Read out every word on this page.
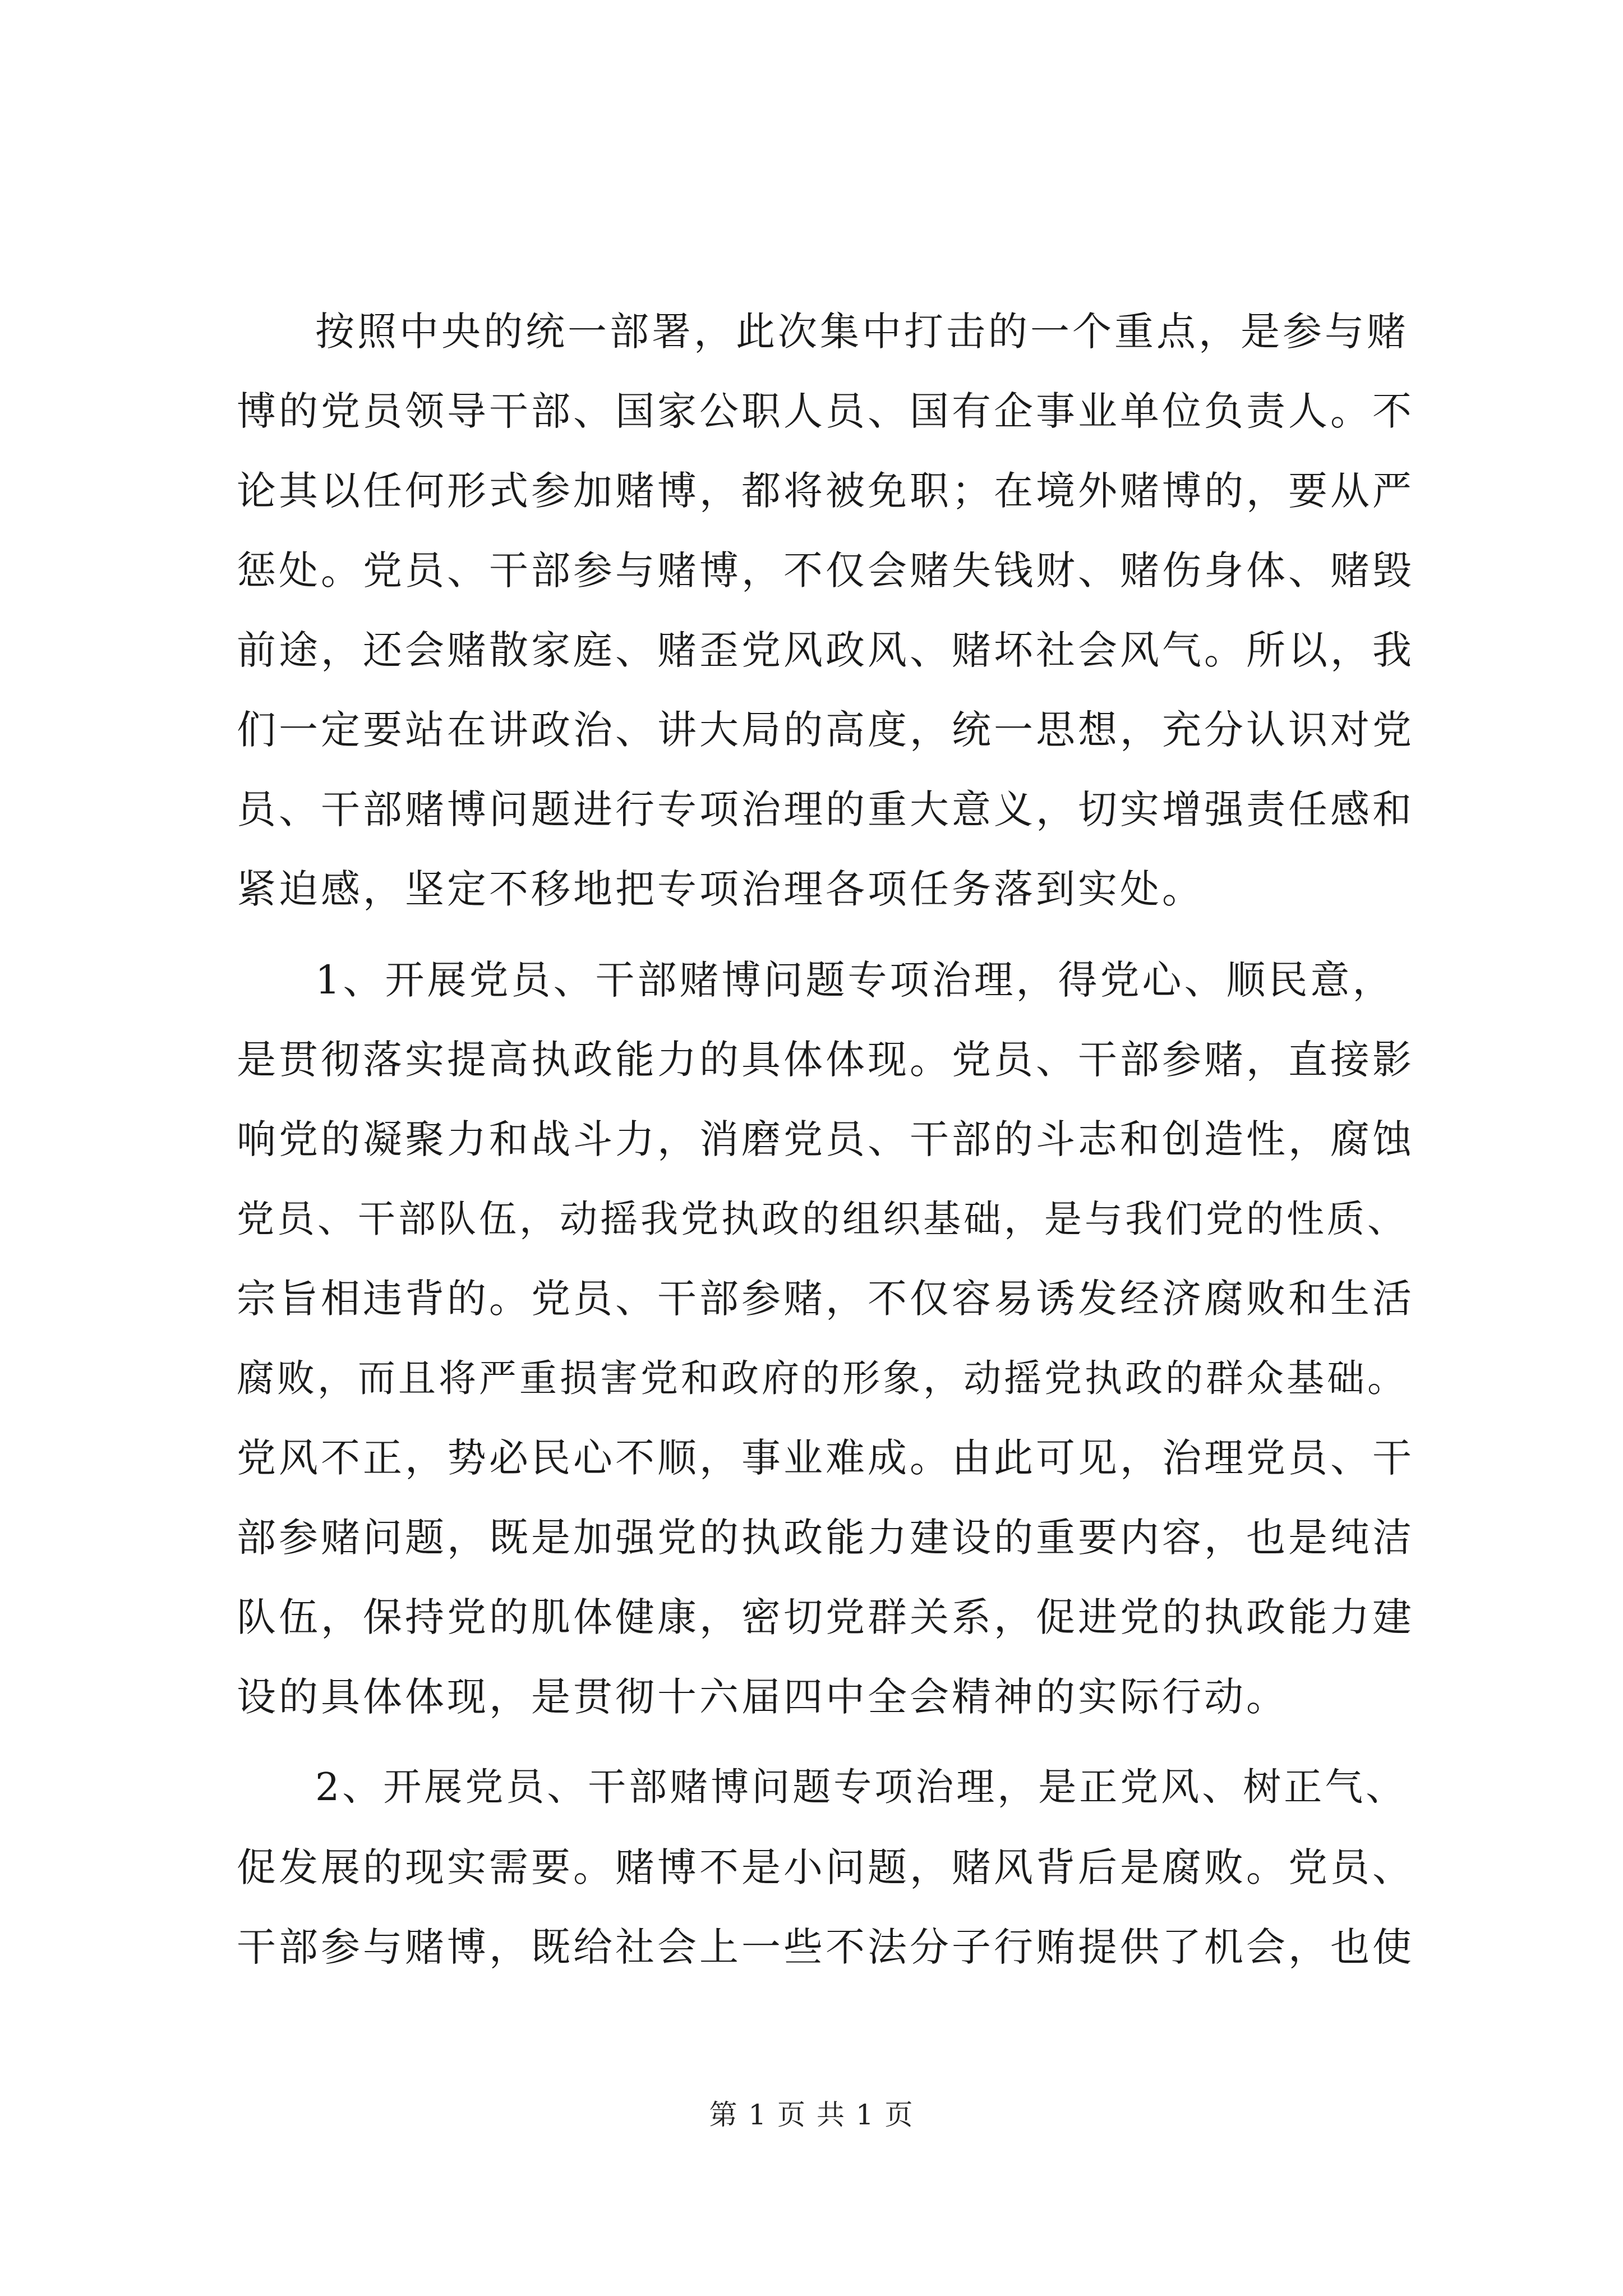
按照中央的统一部署，此次集中打击的一个重点，是参与赌
博的党员领导干部、国家公职人员、国有企事业单位负责人。不
论其以任何形式参加赌博，都将被免职；在境外赌博的，要从严
惩处。党员、干部参与赌博，不仅会赌失钱财、赌伤身体、赌毁
前途，还会赌散家庭、赌歪党风政风、赌坏社会风气。所以，我
们一定要站在讲政治、讲大局的高度，统一思想，充分认识对党
员、干部赌博问题进行专项治理的重大意义，切实增强责任感和
紧迫感，坚定不移地把专项治理各项任务落到实处。
1、开展党员、干部赌博问题专项治理，得党心、顺民意，
是贯彻落实提高执政能力的具体体现。党员、干部参赌，直接影
响党的凝聚力和战斗力，消磨党员、干部的斗志和创造性，腐蚀
党员、干部队伍，动摇我党执政的组织基础，是与我们党的性质、
宗旨相违背的。党员、干部参赌，不仅容易诱发经济腐败和生活
腐败，而且将严重损害党和政府的形象，动摇党执政的群众基础。
党风不正，势必民心不顺，事业难成。由此可见，治理党员、干
部参赌问题，既是加强党的执政能力建设的重要内容，也是纯洁
队伍，保持党的肌体健康，密切党群关系，促进党的执政能力建
设的具体体现，是贯彻十六届四中全会精神的实际行动。
2、开展党员、干部赌博问题专项治理，是正党风、树正气、
促发展的现实需要。赌博不是小问题，赌风背后是腐败。党员、
干部参与赌博，既给社会上一些不法分子行贿提供了机会，也使
第 1 页 共 1 页
